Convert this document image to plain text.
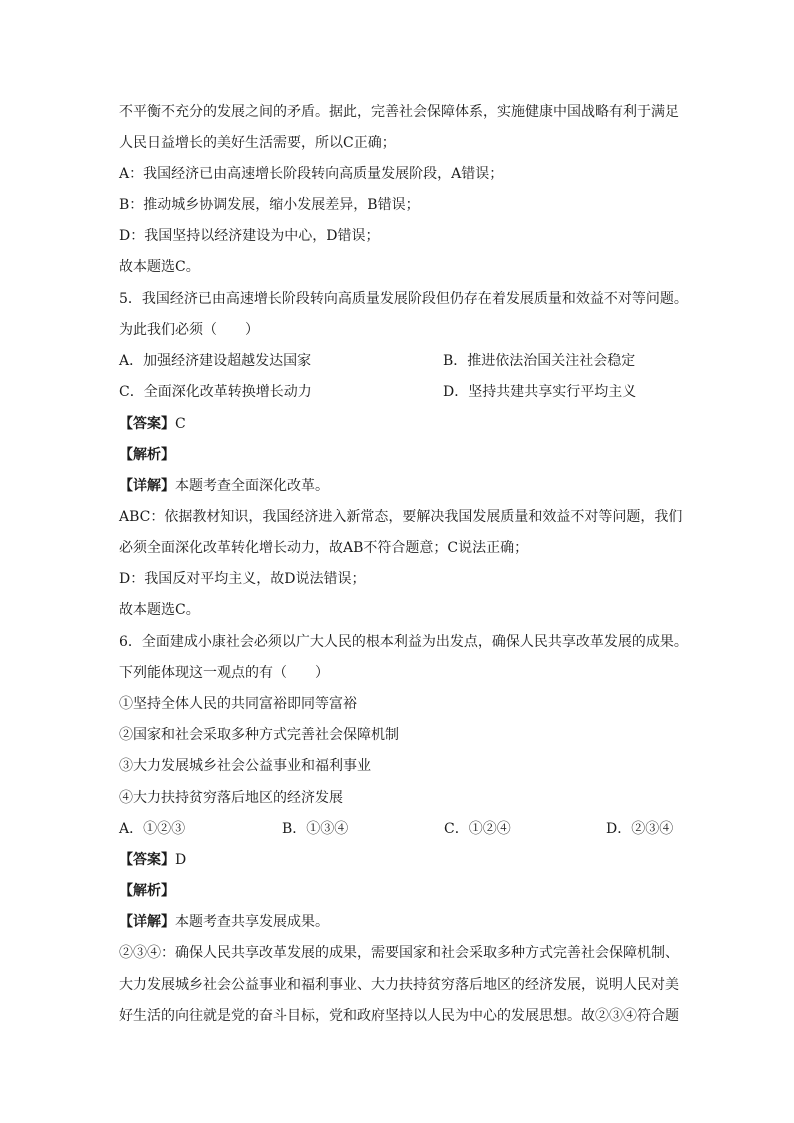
不平衡不充分的发展之间的矛盾。据此，完善社会保障体系，实施健康中国战略有利于满足
人民日益增长的美好生活需要，所以C正确；
A：我国经济已由高速增长阶段转向高质量发展阶段，A错误；
B：推动城乡协调发展，缩小发展差异，B错误；
D：我国坚持以经济建设为中心，D错误；
故本题选C。
5．我国经济已由高速增长阶段转向高质量发展阶段但仍存在着发展质量和效益不对等问题。
为此我们必须（　　）
A．加强经济建设超越发达国家	B．推进依法治国关注社会稳定
C．全面深化改革转换增长动力	D．坚持共建共享实行平均主义
【答案】C
【解析】
【详解】本题考查全面深化改革。
ABC：依据教材知识，我国经济进入新常态，要解决我国发展质量和效益不对等问题，我们
必须全面深化改革转化增长动力，故AB不符合题意；C说法正确；
D：我国反对平均主义，故D说法错误；
故本题选C。
6．全面建成小康社会必须以广大人民的根本利益为出发点，确保人民共享改革发展的成果。
下列能体现这一观点的有（　　）
①坚持全体人民的共同富裕即同等富裕
②国家和社会采取多种方式完善社会保障机制
③大力发展城乡社会公益事业和福利事业
④大力扶持贫穷落后地区的经济发展
A．①②③	B．①③④	C．①②④	D．②③④
【答案】D
【解析】
【详解】本题考查共享发展成果。
②③④：确保人民共享改革发展的成果，需要国家和社会采取多种方式完善社会保障机制、
大力发展城乡社会公益事业和福利事业、大力扶持贫穷落后地区的经济发展，说明人民对美
好生活的向往就是党的奋斗目标，党和政府坚持以人民为中心的发展思想。故②③④符合题
